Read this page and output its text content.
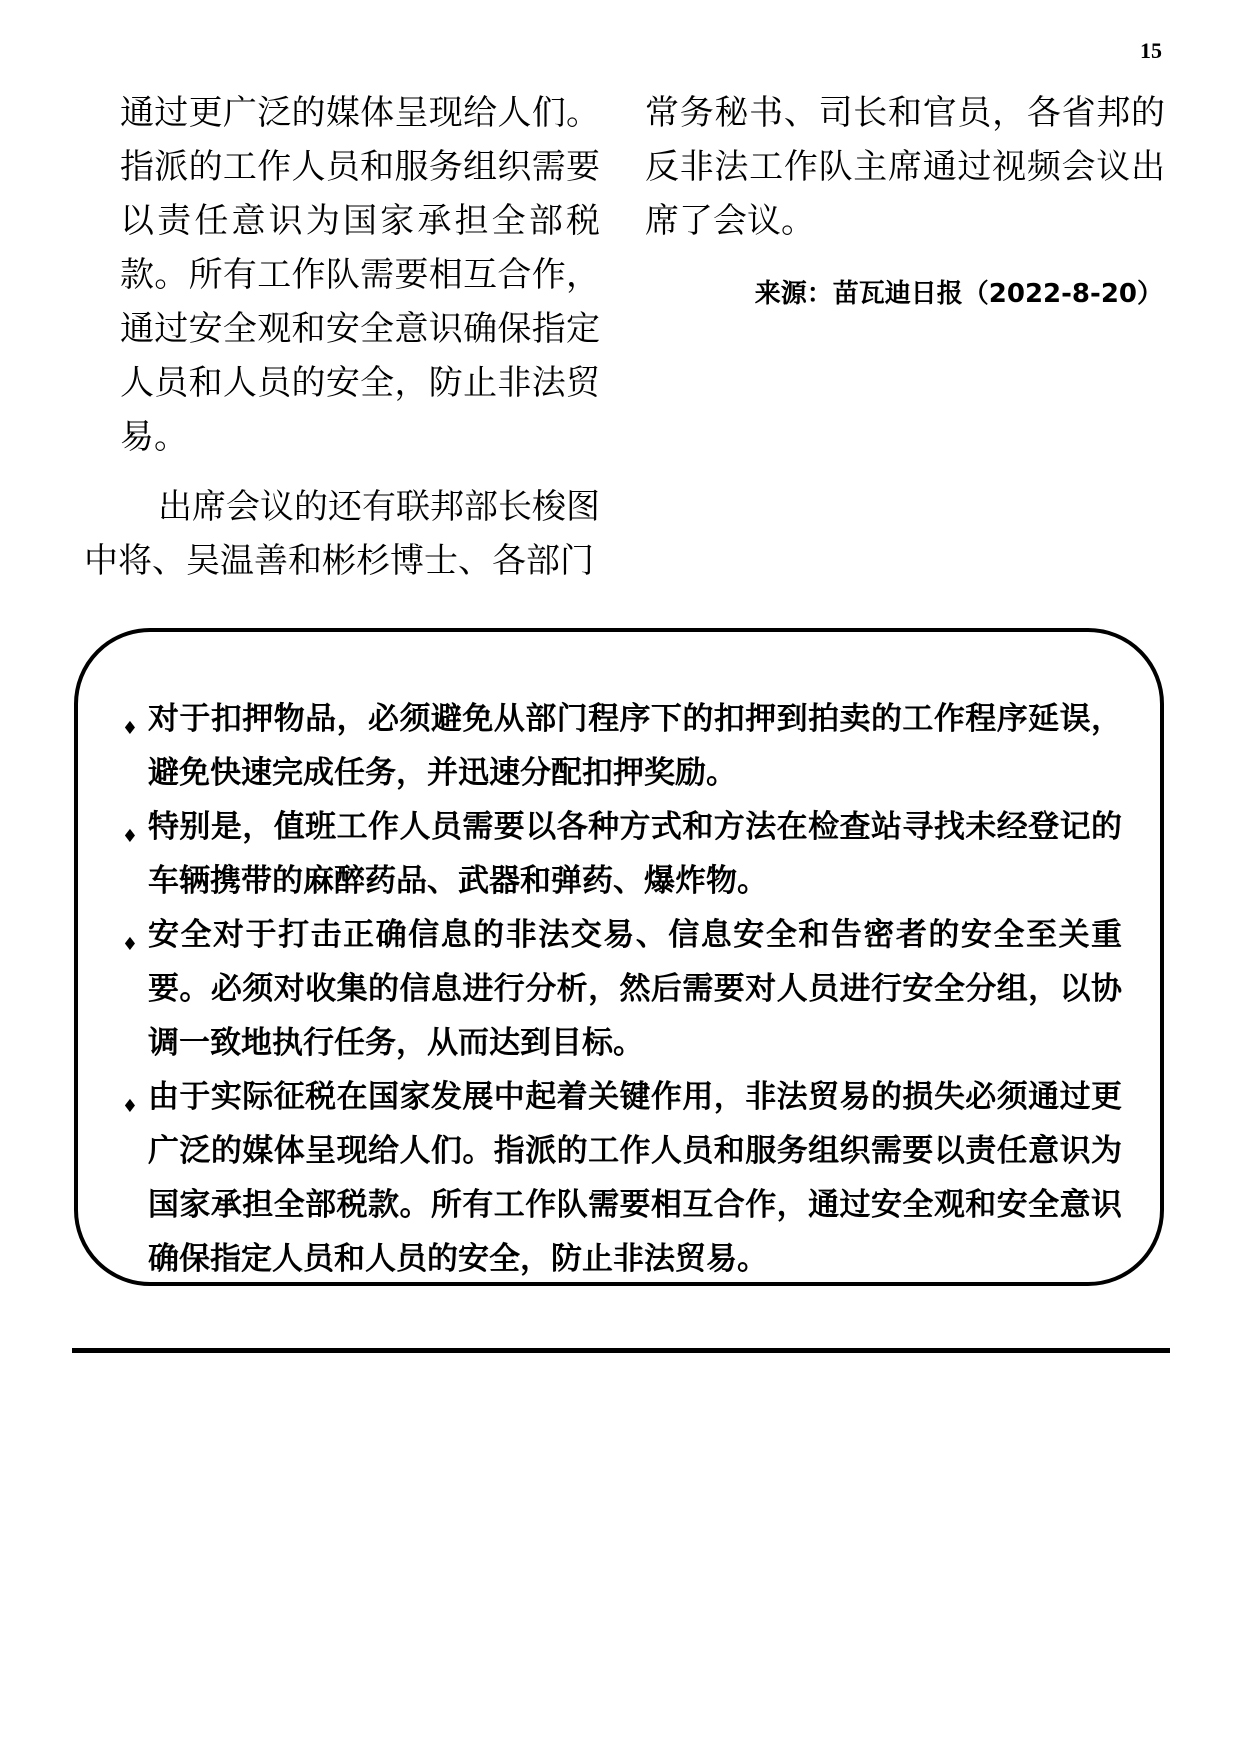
15

通过更广泛的媒体呈现给人们。指派的工作人员和服务组织需要以责任意识为国家承担全部税款。所有工作队需要相互合作，通过安全观和安全意识确保指定人员和人员的安全，防止非法贸易。

出席会议的还有联邦部长梭图中将、吴温善和彬杉博士、各部门

常务秘书、司长和官员，各省邦的反非法工作队主席通过视频会议出席了会议。

来源：苗瓦迪日报（2022-8-20）

♦ 对于扣押物品，必须避免从部门程序下的扣押到拍卖的工作程序延误，避免快速完成任务，并迅速分配扣押奖励。
♦ 特别是，值班工作人员需要以各种方式和方法在检查站寻找未经登记的车辆携带的麻醉药品、武器和弹药、爆炸物。
♦ 安全对于打击正确信息的非法交易、信息安全和告密者的安全至关重要。必须对收集的信息进行分析，然后需要对人员进行安全分组，以协调一致地执行任务，从而达到目标。
♦ 由于实际征税在国家发展中起着关键作用，非法贸易的损失必须通过更广泛的媒体呈现给人们。指派的工作人员和服务组织需要以责任意识为国家承担全部税款。所有工作队需要相互合作，通过安全观和安全意识确保指定人员和人员的安全，防止非法贸易。
